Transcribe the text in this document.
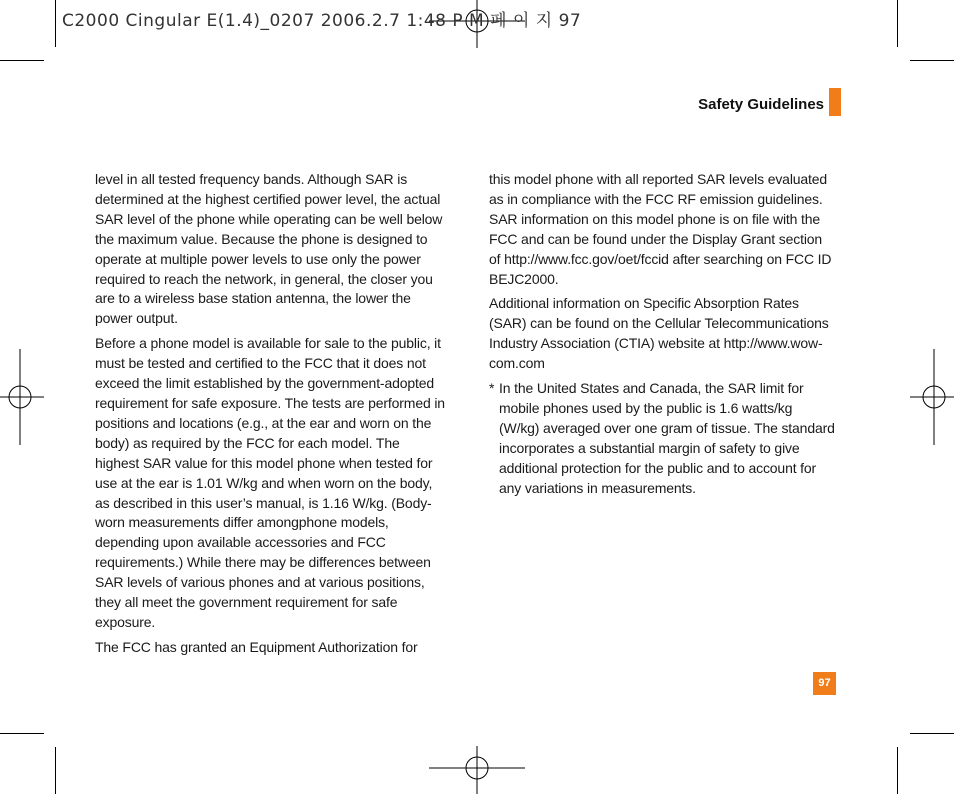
C2000 Cingular E(1.4)_0207 2006.2.7 1:48 P M 페 이 지 97
Safety Guidelines

level in all tested frequency bands. Although SAR is determined at the highest certified power level, the actual SAR level of the phone while operating can be well below the maximum value. Because the phone is designed to operate at multiple power levels to use only the power required to reach the network, in general, the closer you are to a wireless base station antenna, the lower the power output.

Before a phone model is available for sale to the public, it must be tested and certified to the FCC that it does not exceed the limit established by the government-adopted requirement for safe exposure. The tests are performed in positions and locations (e.g., at the ear and worn on the body) as required by the FCC for each model. The highest SAR value for this model phone when tested for use at the ear is 1.01 W/kg and when worn on the body, as described in this user’s manual, is 1.16 W/kg. (Body-worn measurements differ amongphone models, depending upon available accessories and FCC requirements.) While there may be differences between SAR levels of various phones and at various positions, they all meet the government requirement for safe exposure.

The FCC has granted an Equipment Authorization for

this model phone with all reported SAR levels evaluated as in compliance with the FCC RF emission guidelines. SAR information on this model phone is on file with the FCC and can be found under the Display Grant section of http://www.fcc.gov/oet/fccid after searching on FCC ID BEJC2000.

Additional information on Specific Absorption Rates (SAR) can be found on the Cellular Telecommunications Industry Association (CTIA) website at http://www.wow-com.com

* In the United States and Canada, the SAR limit for mobile phones used by the public is 1.6 watts/kg (W/kg) averaged over one gram of tissue. The standard incorporates a substantial margin of safety to give additional protection for the public and to account for any variations in measurements.
97
